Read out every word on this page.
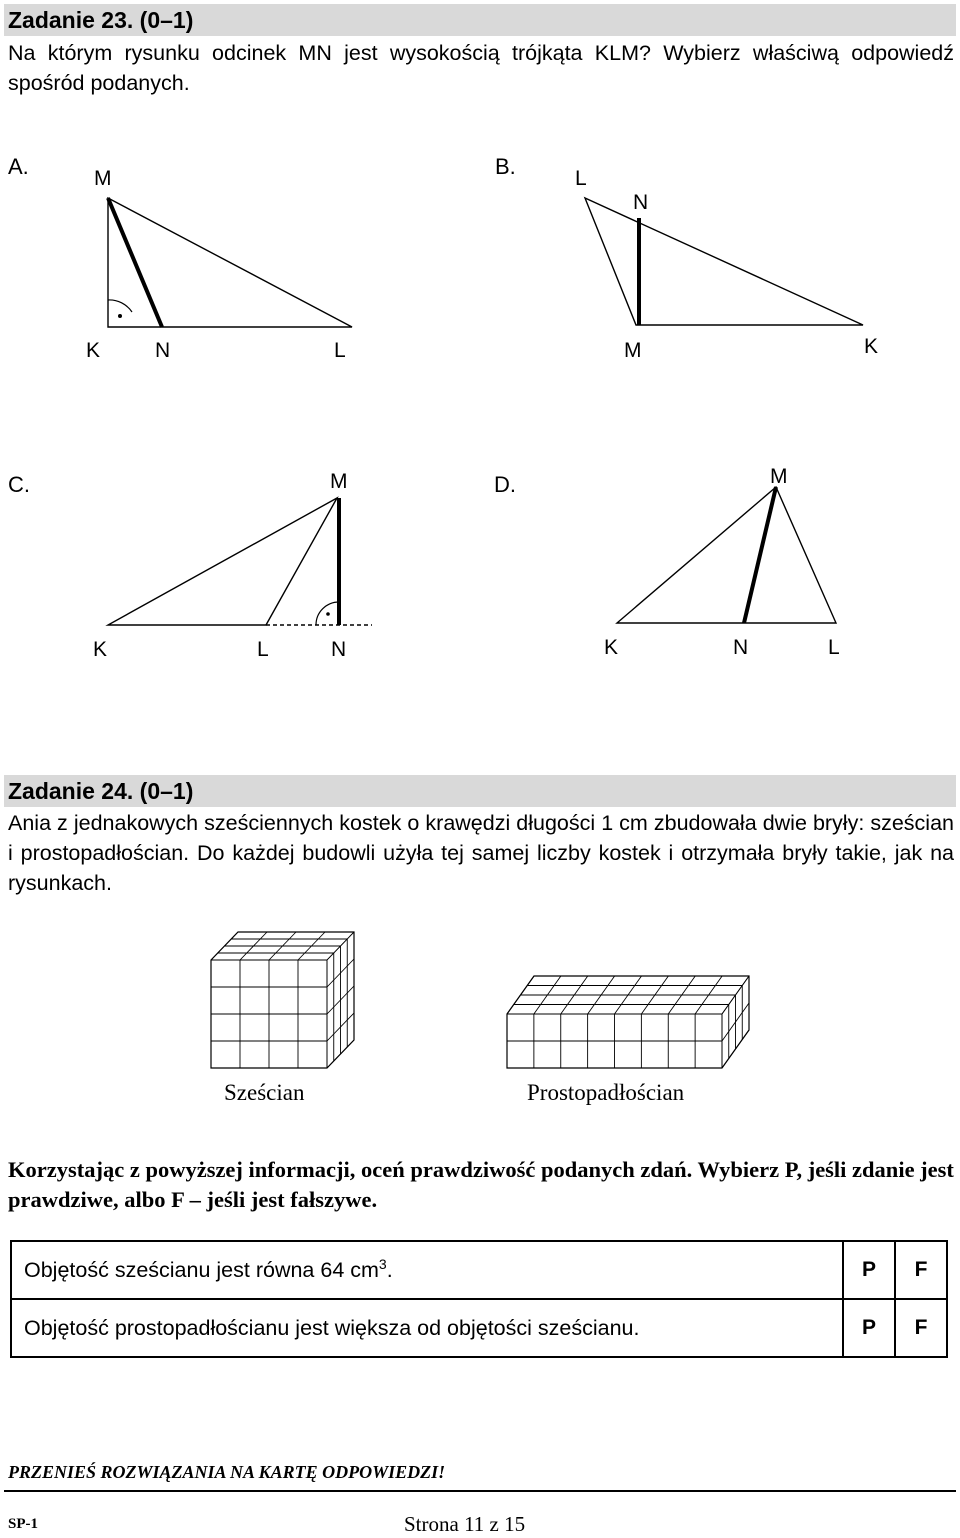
Zadanie 23. (0–1)
Na którym rysunku odcinek MN jest wysokością trójkąta KLM? Wybierz właściwą odpowiedź spośród podanych.
A.	M
K	N	L
B.	L
N
M	K
C.	M
K	L	N
D.	M
K	N	L
Zadanie 24. (0–1)
Ania z jednakowych sześciennych kostek o krawędzi długości 1 cm zbudowała dwie bryły: sześcian i prostopadłościan. Do każdej budowli użyła tej samej liczby kostek i otrzymała bryły takie, jak na rysunkach.
Sześcian	Prostopadłościan
Korzystając z powyższej informacji, oceń prawdziwość podanych zdań. Wybierz P, jeśli zdanie jest prawdziwe, albo F – jeśli jest fałszywe.
Objętość sześcianu jest równa 64 $cm^3$.	P	F
Objętość prostopadłościanu jest większa od objętości sześcianu.	P	F
PRZENIEŚ ROZWIĄZANIA NA KARTĘ ODPOWIEDZI!
SP-1	Strona 11 z 15
